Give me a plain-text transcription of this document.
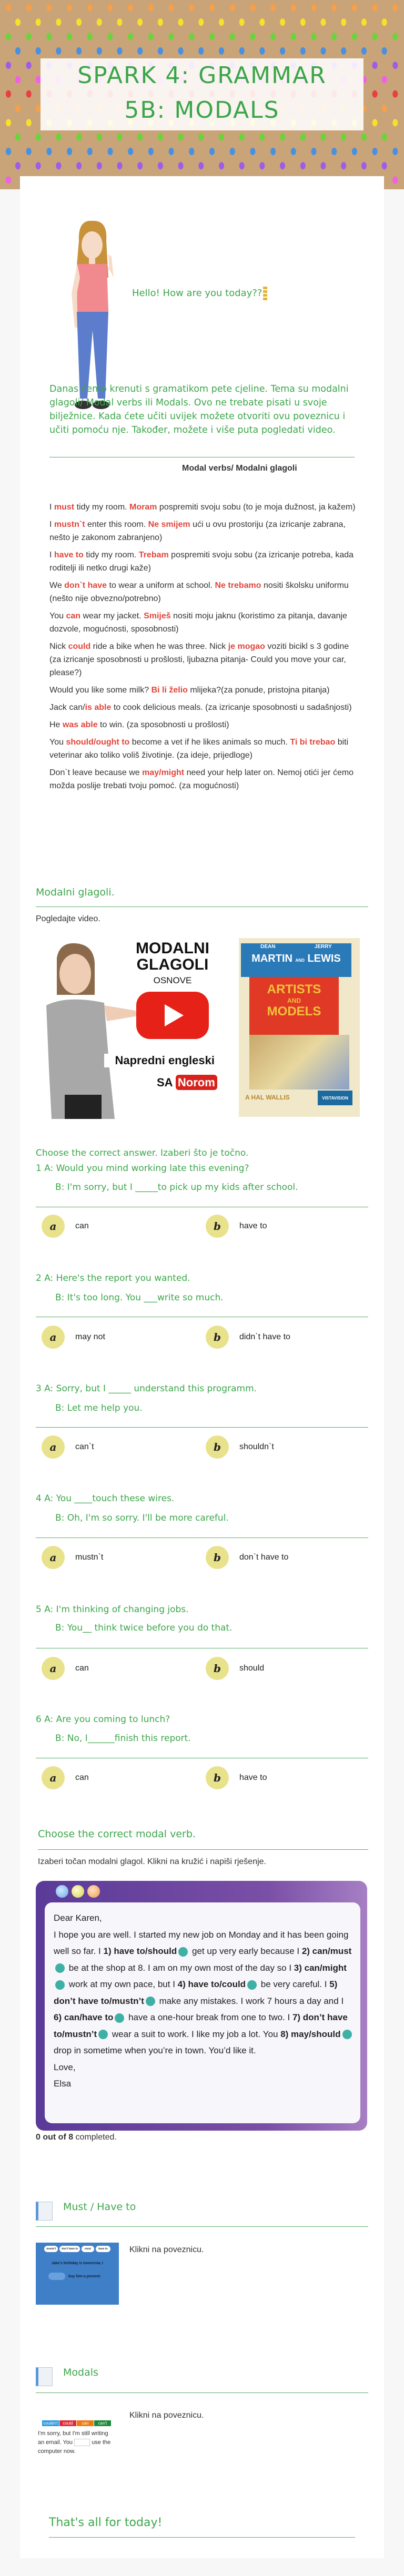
SPARK 4: GRAMMAR
5B: MODALS
Hello! How are you today??
Danas ćemo krenuti s gramatikom pete cjeline. Tema su modalni glagoli/ Modal verbs ili Modals. Ovo ne trebate pisati u svoje bilježnice. Kada ćete učiti uvijek možete otvoriti ovu poveznicu i učiti pomoću nje. Također, možete i više puta pogledati video.
Modal verbs/ Modalni glagoli

I must tidy my room. Moram pospremiti svoju sobu (to je moja dužnost, ja kažem)

I mustn`t enter this room. Ne smijem ući u ovu prostoriju (za izricanje zabrana, nešto je zakonom zabranjeno)

I have to tidy my room. Trebam pospremiti svoju sobu (za izricanje potreba, kada roditelji ili netko drugi kaže)

We don`t have to wear a uniform at school. Ne trebamo nositi školsku uniformu (nešto nije obvezno/potrebno)

You can wear my jacket. Smiješ nositi moju jaknu (koristimo za pitanja, davanje dozvole, mogućnosti, sposobnosti)

Nick could ride a bike when he was three. Nick je mogao voziti bicikl s 3 godine (za izricanje sposobnosti u prošlosti, ljubazna pitanja- Could you move your car, please?)

Would you like some milk? Bi li želio mlijeka?(za ponude, pristojna pitanja)

Jack can/is able to cook delicious meals. (za izricanje sposobnosti u sadašnjosti)

He was able to win. (za sposobnosti u prošlosti)

You should/ought to become a vet if he likes animals so much. Ti bi trebao biti veterinar ako toliko voliš životinje. (za ideje, prijedloge)

Don`t leave because we may/might need your help later on. Nemoj otići jer ćemo možda poslije trebati tvoju pomoć. (za mogućnosti)

Modalni glagoli.
Pogledajte video.
MODALNI
GLAGOLI
OSNOVE
Napredni engleski
SA Norom
DEAN	JERRY
MARTIN AND LEWIS
ARTISTS
AND
MODELS
A HAL WALLIS	VISTAVISION
Choose the correct answer. Izaberi što je točno.
1 A: Would you mind working late this evening?
B: I'm sorry, but I _____to pick up my kids after school.
a	can	b	have to
2 A: Here's the report you wanted.
B: It's too long. You ___write so much.
a	may not	b	didn`t have to
3 A: Sorry, but I _____ understand this programm.
B: Let me help you.
a	can`t	b	shouldn`t
4 A: You ____touch these wires.
B: Oh, I'm so sorry. I'll be more careful.
a	mustn`t	b	don`t have to
5 A: I'm thinking of changing jobs.
B: You__ think twice before you do that.
a	can	b	should
6 A: Are you coming to lunch?
B: No, I______finish this report.
a	can	b	have to
Choose the correct modal verb.
Izaberi točan modalni glagol. Klikni na kružić i napiši rješenje.
Dear Karen,
I hope you are well. I started my new job on Monday and it has been going well so far. I 1) have to/should get up very early because I 2) can/must be at the shop at 8. I am on my own most of the day so I 3) can/might work at my own pace, but I 4) have to/could be very careful. I 5) don’t have to/mustn’t make any mistakes. I work 7 hours a day and I 6) can/have to have a one-hour break from one to two. I 7) don’t have to/mustn’t wear a suit to work. I like my job a lot. You 8) may/should drop in sometime when you’re in town. You’d like it.
Love,
Elsa
0 out of 8 completed.
Must / Have to
mustn't	don't have to	must	have to
Jake's birthday is tomorrow, I
buy him a present.
Klikni na poveznicu.
Modals
couldn't	could	can	can't
I'm sorry, but I'm still writing
an email. You	use the
computer now.
Klikni na poveznicu.
That's all for today!
